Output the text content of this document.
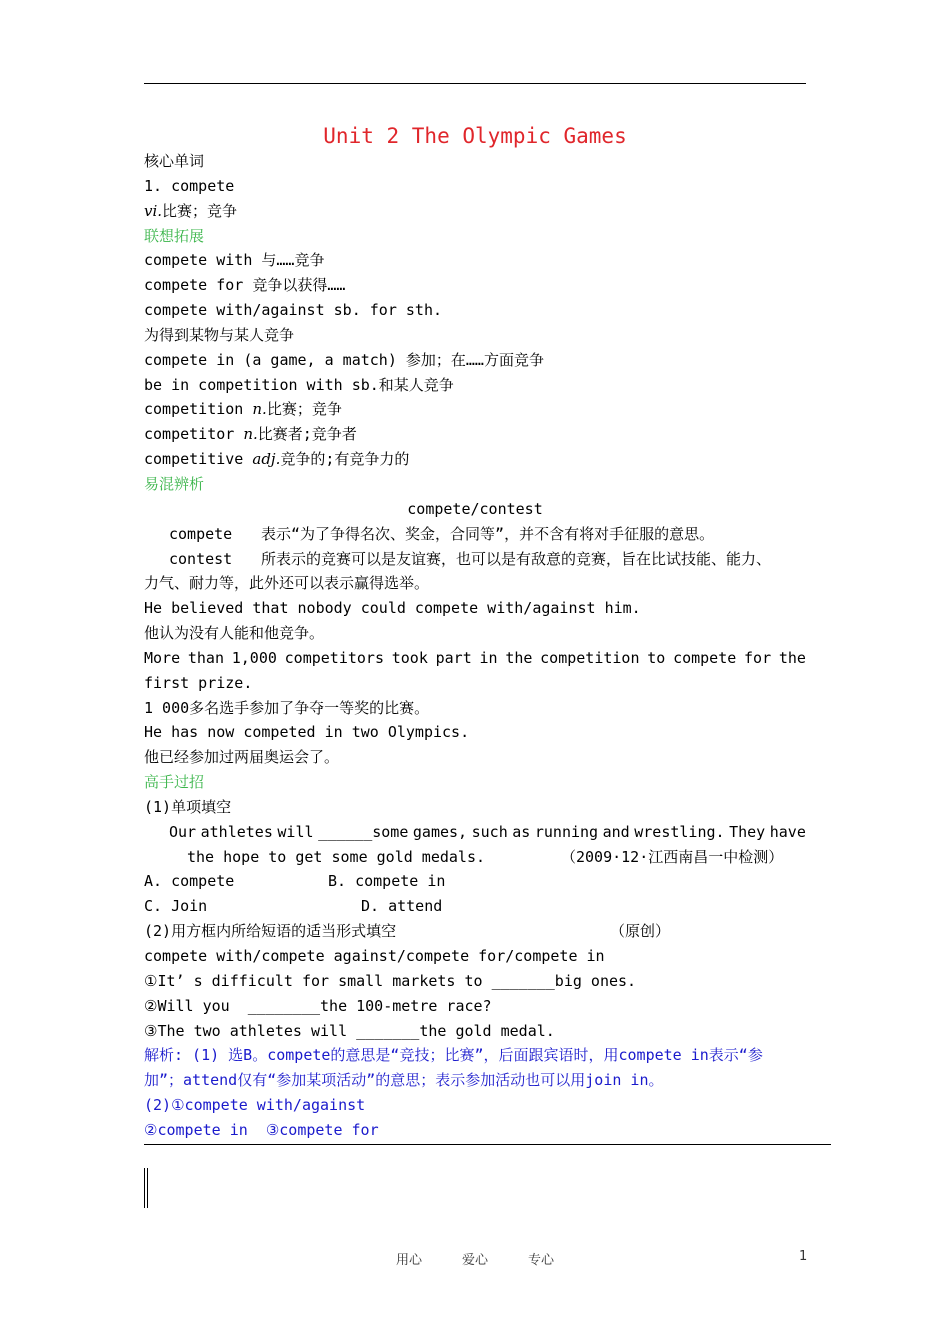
Unit 2 The Olympic Games
核心单词
1. compete
vi.比赛；竞争
联想拓展
compete with 与……竞争
compete for 竞争以获得……
compete with/against sb. for sth.
为得到某物与某人竞争
compete in (a game, a match) 参加；在……方面竞争
be in competition with sb.和某人竞争
competition n.比赛；竞争
competitor n.比赛者;竞争者
competitive adj.竞争的;有竞争力的
易混辨析
compete/contest
compete 表示“为了争得名次、奖金，合同等”，并不含有将对手征服的意思。
contest 所表示的竞赛可以是友谊赛，也可以是有敌意的竞赛，旨在比试技能、能力、
力气、耐力等，此外还可以表示赢得选举。
He believed that nobody could compete with/against him.
他认为没有人能和他竞争。
More than 1,000 competitors took part in the competition to compete for the
first prize.
1 000多名选手参加了争夺一等奖的比赛。
He has now competed in two Olympics.
他已经参加过两届奥运会了。
高手过招
(1)单项填空
Our athletes will ______some games, such as running and wrestling. They have
the hope to get some gold medals.	（2009·12·江西南昌一中检测）
A. compete	B. compete in
C. Join	D. attend
(2)用方框内所给短语的适当形式填空	（原创）
compete with/compete against/compete for/compete in
①It’ s difficult for small markets to _______big ones.
②Will you  ________the 100-metre race?
③The two athletes will _______the gold medal.
解析: (1) 选B。compete的意思是“竞技；比赛”，后面跟宾语时，用compete in表示“参
加”；attend仅有“参加某项活动”的意思；表示参加活动也可以用join in。
(2)①compete with/against
②compete in  ③compete for
用心	爱心	专心	1
